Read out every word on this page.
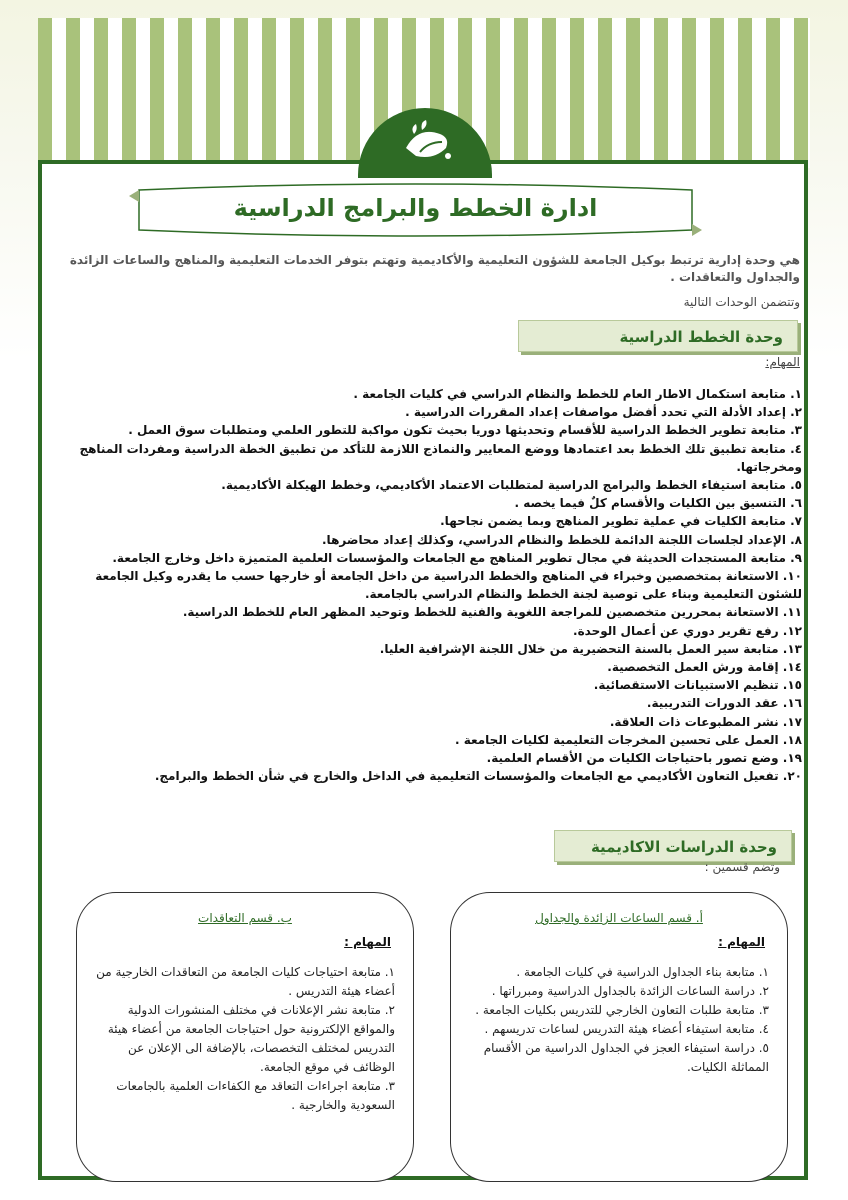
ادارة الخطط والبرامج الدراسية
هي وحدة إدارية ترتبط بوكيل الجامعة للشؤون التعليمية والأكاديمية وتهتم بتوفر الخدمات التعليمية والمناهج والساعات الزائدة والجداول والتعاقدات .
وتتضمن الوحدات التالية
وحدة الخطط الدراسية
المهام:
١. متابعة استكمال الاطار العام للخطط والنظام الدراسي في كليات الجامعة .
٢. إعداد الأدلة التي تحدد أفضل مواصفات إعداد المقررات الدراسية .
٣. متابعة تطوير الخطط الدراسية للأقسام وتحديثها دوريا بحيث تكون مواكبة للتطور العلمي ومتطلبات سوق العمل .
٤. متابعة تطبيق تلك الخطط بعد اعتمادها ووضع المعايير والنماذج اللازمة للتأكد من تطبيق الخطة الدراسية ومفردات المناهج ومخرجاتها.
٥. متابعة استيفاء الخطط والبرامج الدراسية لمتطلبات الاعتماد الأكاديمي، وخطط الهيكلة الأكاديمية.
٦. التنسيق بين الكليات والأقسام كلٌ فيما يخصه .
٧. متابعة الكليات في عملية تطوير المناهج وبما يضمن نجاحها.
٨. الإعداد لجلسات اللجنة الدائمة للخطط والنظام الدراسي، وكذلك إعداد محاضرها.
٩. متابعة المستجدات الحديثة في مجال تطوير المناهج مع الجامعات والمؤسسات العلمية المتميزة داخل وخارج الجامعة.
١٠. الاستعانة بمتخصصين وخبراء في المناهج والخطط الدراسية من داخل الجامعة أو خارجها حسب ما يقدره وكيل الجامعة للشئون التعليمية وبناء على توصية لجنة الخطط والنظام الدراسي بالجامعة.
١١. الاستعانة بمحررين متخصصين للمراجعة اللغوية والفنية للخطط وتوحيد المظهر العام للخطط الدراسية.
١٢. رفع تقرير دوري عن أعمال الوحدة.
١٣. متابعة سير العمل بالسنة التحضيرية من خلال اللجنة الإشرافية العليا.
١٤. إقامة ورش العمل التخصصية.
١٥. تنظيم الاستبيانات الاستقصائية.
١٦. عقد الدورات التدريبية.
١٧. نشر المطبوعات ذات العلاقة.
١٨. العمل على تحسين المخرجات التعليمية لكليات الجامعة .
١٩. وضع تصور باحتياجات الكليات من الأقسام العلمية.
٢٠. تفعيل التعاون الأكاديمي مع الجامعات والمؤسسات التعليمية في الداخل والخارج في شأن الخطط والبرامج.
وحدة الدراسات الاكاديمية
وتضم قسمين :
أ. قسم الساعات الزائدة والجداول
المهام :
١. متابعة بناء الجداول الدراسية في كليات الجامعة .
٢. دراسة الساعات الزائدة بالجداول الدراسية ومبرراتها .
٣. متابعة طلبات التعاون الخارجي للتدريس بكليات الجامعة .
٤. متابعة استيفاء أعضاء هيئة التدريس لساعات تدريسهم .
٥. دراسة استيفاء العجز في الجداول الدراسية من الأقسام المماثلة الكليات.
ب. قسم التعاقدات
المهام :
١. متابعة احتياجات كليات الجامعة من التعاقدات الخارجية من أعضاء هيئة التدريس .
٢. متابعة نشر الإعلانات في مختلف المنشورات الدولية والمواقع الإلكترونية حول احتياجات الجامعة من أعضاء هيئة التدريس لمختلف التخصصات، بالإضافة الى الإعلان عن الوظائف في موقع الجامعة.
٣. متابعة اجراءات التعاقد مع الكفاءات العلمية بالجامعات السعودية والخارجية .
